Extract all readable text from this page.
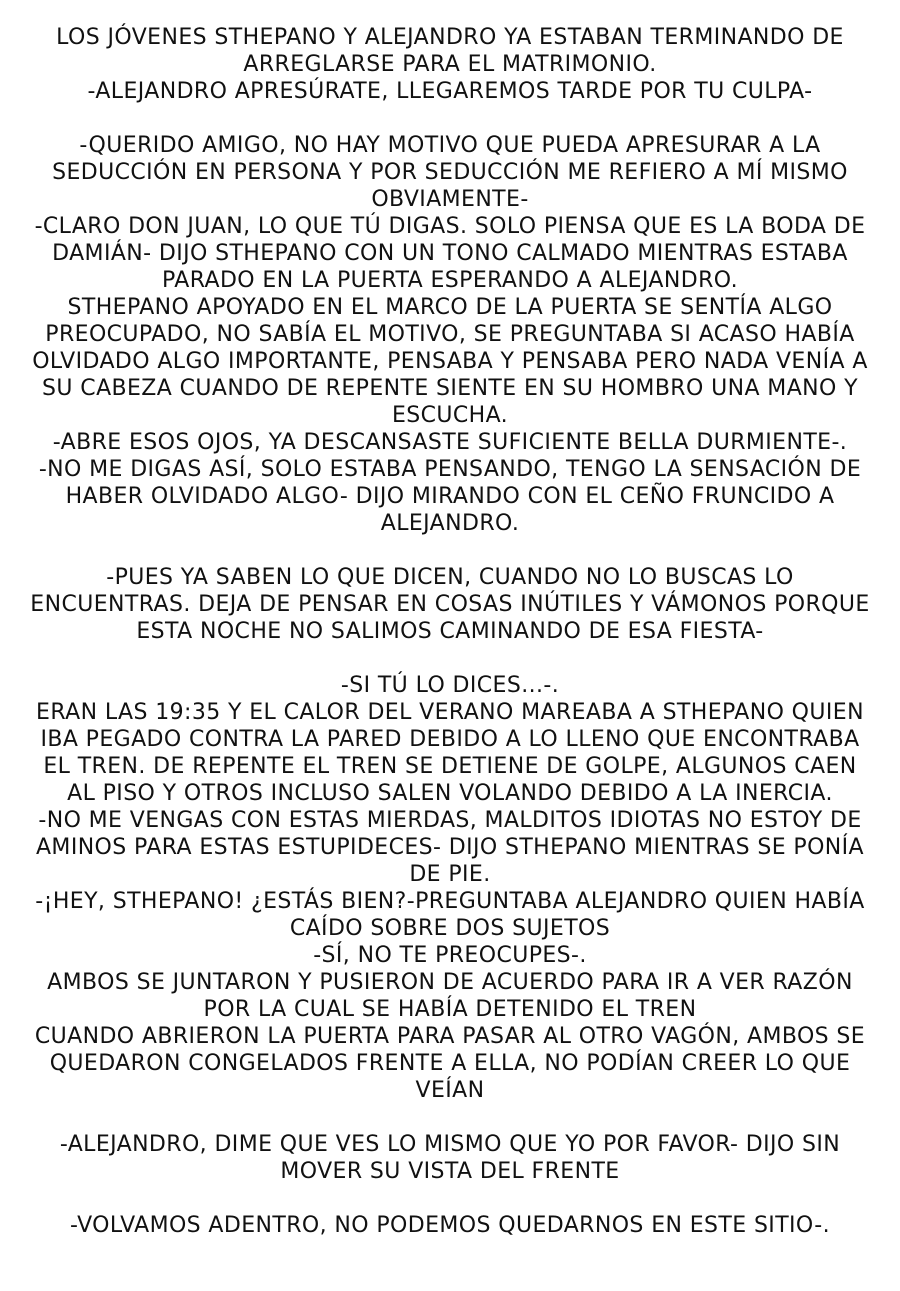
LOS JÓVENES STHEPANO Y ALEJANDRO YA ESTABAN TERMINANDO DE ARREGLARSE PARA EL MATRIMONIO.

-ALEJANDRO APRESÚRATE, LLEGAREMOS TARDE POR TU CULPA-

-QUERIDO AMIGO, NO HAY MOTIVO QUE PUEDA APRESURAR A LA SEDUCCIÓN EN PERSONA Y POR SEDUCCIÓN ME REFIERO A MÍ MISMO OBVIAMENTE-

-CLARO DON JUAN, LO QUE TÚ DIGAS. SOLO PIENSA QUE ES LA BODA DE DAMIÁN- DIJO STHEPANO CON UN TONO CALMADO MIENTRAS ESTABA PARADO EN LA PUERTA ESPERANDO A ALEJANDRO.

STHEPANO APOYADO EN EL MARCO DE LA PUERTA SE SENTÍA ALGO PREOCUPADO, NO SABÍA EL MOTIVO, SE PREGUNTABA SI ACASO HABÍA OLVIDADO ALGO IMPORTANTE, PENSABA Y PENSABA PERO NADA VENÍA A SU CABEZA CUANDO DE REPENTE SIENTE EN SU HOMBRO UNA MANO Y ESCUCHA.

-ABRE ESOS OJOS, YA DESCANSASTE SUFICIENTE BELLA DURMIENTE-.

-NO ME DIGAS ASÍ, SOLO ESTABA PENSANDO, TENGO LA SENSACIÓN DE HABER OLVIDADO ALGO- DIJO MIRANDO CON EL CEÑO FRUNCIDO A ALEJANDRO.

-PUES YA SABEN LO QUE DICEN, CUANDO NO LO BUSCAS LO ENCUENTRAS. DEJA DE PENSAR EN COSAS INÚTILES Y VÁMONOS PORQUE ESTA NOCHE NO SALIMOS CAMINANDO DE ESA FIESTA-

-SI TÚ LO DICES...-.

ERAN LAS 19:35 Y EL CALOR DEL VERANO MAREABA A STHEPANO QUIEN IBA PEGADO CONTRA LA PARED DEBIDO A LO LLENO QUE ENCONTRABA EL TREN. DE REPENTE EL TREN SE DETIENE DE GOLPE, ALGUNOS CAEN AL PISO Y OTROS INCLUSO SALEN VOLANDO DEBIDO A LA INERCIA.

-NO ME VENGAS CON ESTAS MIERDAS, MALDITOS IDIOTAS NO ESTOY DE AMINOS PARA ESTAS ESTUPIDECES- DIJO STHEPANO MIENTRAS SE PONÍA DE PIE.

-¡HEY, STHEPANO! ¿ESTÁS BIEN?-PREGUNTABA ALEJANDRO QUIEN HABÍA CAÍDO SOBRE DOS SUJETOS

-SÍ, NO TE PREOCUPES-.

AMBOS SE JUNTARON Y PUSIERON DE ACUERDO PARA IR A VER RAZÓN POR LA CUAL SE HABÍA DETENIDO EL TREN

CUANDO ABRIERON LA PUERTA PARA PASAR AL OTRO VAGÓN, AMBOS SE QUEDARON CONGELADOS FRENTE A ELLA, NO PODÍAN CREER LO QUE VEÍAN

-ALEJANDRO, DIME QUE VES LO MISMO QUE YO POR FAVOR- DIJO SIN MOVER SU VISTA DEL FRENTE

-VOLVAMOS ADENTRO, NO PODEMOS QUEDARNOS EN ESTE SITIO-.
